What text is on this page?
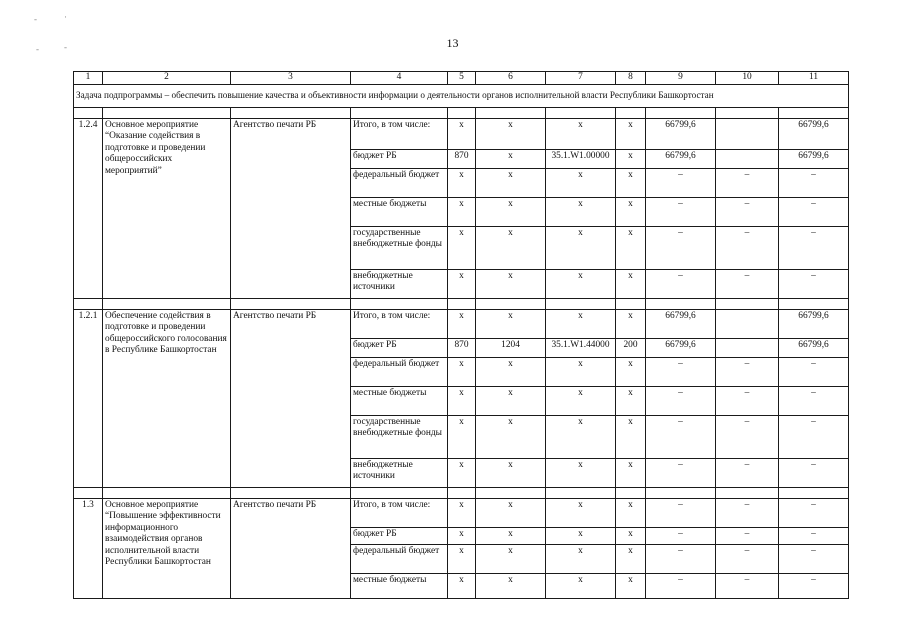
-	·
-	-	13
1	2	3	4	5	6	7	8	9	10	11
Задача подпрограммы – обеспечить повышение качества и объективности информации о деятельности органов исполнительной власти Республики Башкортостан										

1.2.4	Основное мероприятие “Оказание содействия в подготовке и проведении общероссийских мероприятий”	Агентство печати РБ	Итого, в том числе:	x	x	x	x	66799,6		66799,6
			бюджет РБ	870	x	35.1.W1.00000	x	66799,6		66799,6
			федеральный бюджет	x	x	x	x	–	–	–
			местные бюджеты	x	x	x	x	–	–	–
			государственные внебюджетные фонды	x	x	x	x	–	–	–
			внебюджетные источники	x	x	x	x	–	–	–

1.2.1	Обеспечение содействия в подготовке и проведении общероссийского голосования в Республике Башкортостан	Агентство печати РБ	Итого, в том числе:	x	x	x	x	66799,6		66799,6
			бюджет РБ	870	1204	35.1.W1.44000	200	66799,6		66799,6
			федеральный бюджет	x	x	x	x	–	–	–
			местные бюджеты	x	x	x	x	–	–	–
			государственные внебюджетные фонды	x	x	x	x	–	–	–
			внебюджетные источники	x	x	x	x	–	–	–

1.3	Основное мероприятие “Повышение эффективности информационного взаимодействия органов исполнительной власти Республики Башкортостан	Агентство печати РБ	Итого, в том числе:	x	x	x	x	–	–	–
			бюджет РБ	x	x	x	x	–	–	–
			федеральный бюджет	x	x	x	x	–	–	–
			местные бюджеты	x	x	x	x	–	–	–
